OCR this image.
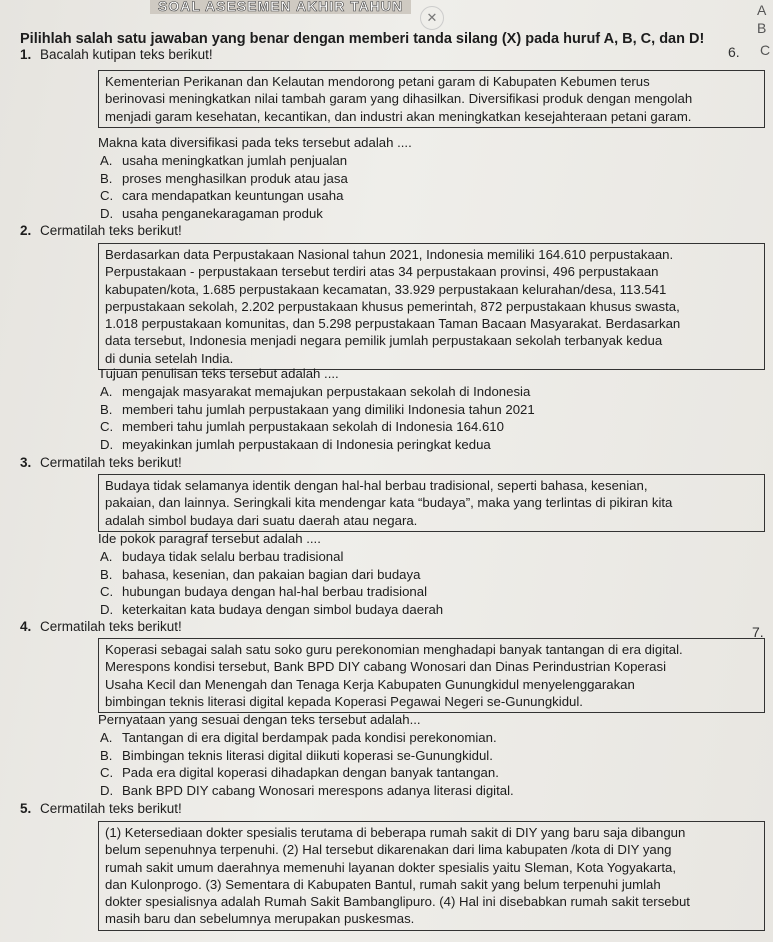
SOAL ASESEMEN AKHIR TAHUN
✕	A
B
C
6.
7.
Pilihlah salah satu jawaban yang benar dengan memberi tanda silang (X) pada huruf A, B, C, dan D!
1. Bacalah kutipan teks berikut!

Kementerian Perikanan dan Kelautan mendorong petani garam di Kabupaten Kebumen terus

berinovasi meningkatkan nilai tambah garam yang dihasilkan. Diversifikasi produk dengan mengolah

menjadi garam kesehatan, kecantikan, dan industri akan meningkatkan kesejahteraan petani garam.

Makna kata diversifikasi pada teks tersebut adalah ....
A. usaha meningkatkan jumlah penjualan
B. proses menghasilkan produk atau jasa
C. cara mendapatkan keuntungan usaha
D. usaha penganekaragaman produk
2. Cermatilah teks berikut!

Berdasarkan data Perpustakaan Nasional tahun 2021, Indonesia memiliki 164.610 perpustakaan.

Perpustakaan - perpustakaan tersebut terdiri atas 34 perpustakaan provinsi, 496 perpustakaan

kabupaten/kota, 1.685 perpustakaan kecamatan, 33.929 perpustakaan kelurahan/desa, 113.541

perpustakaan sekolah, 2.202 perpustakaan khusus pemerintah, 872 perpustakaan khusus swasta,

1.018 perpustakaan komunitas, dan 5.298 perpustakaan Taman Bacaan Masyarakat. Berdasarkan

data tersebut, Indonesia menjadi negara pemilik jumlah perpustakaan sekolah terbanyak kedua

di dunia setelah India.

Tujuan penulisan teks tersebut adalah ....
A. mengajak masyarakat memajukan perpustakaan sekolah di Indonesia
B. memberi tahu jumlah perpustakaan yang dimiliki Indonesia tahun 2021
C. memberi tahu jumlah perpustakaan sekolah di Indonesia 164.610
D. meyakinkan jumlah perpustakaan di Indonesia peringkat kedua
3. Cermatilah teks berikut!

Budaya tidak selamanya identik dengan hal-hal berbau tradisional, seperti bahasa, kesenian,

pakaian, dan lainnya. Seringkali kita mendengar kata “budaya”, maka yang terlintas di pikiran kita

adalah simbol budaya dari suatu daerah atau negara.

Ide pokok paragraf tersebut adalah ....
A. budaya tidak selalu berbau tradisional
B. bahasa, kesenian, dan pakaian bagian dari budaya
C. hubungan budaya dengan hal-hal berbau tradisional
D. keterkaitan kata budaya dengan simbol budaya daerah
4. Cermatilah teks berikut!

Koperasi sebagai salah satu soko guru perekonomian menghadapi banyak tantangan di era digital.

Merespons kondisi tersebut, Bank BPD DIY cabang Wonosari dan Dinas Perindustrian Koperasi

Usaha Kecil dan Menengah dan Tenaga Kerja Kabupaten Gunungkidul menyelenggarakan

bimbingan teknis literasi digital kepada Koperasi Pegawai Negeri se-Gunungkidul.

Pernyataan yang sesuai dengan teks tersebut adalah...
A. Tantangan di era digital berdampak pada kondisi perekonomian.
B. Bimbingan teknis literasi digital diikuti koperasi se-Gunungkidul.
C. Pada era digital koperasi dihadapkan dengan banyak tantangan.
D. Bank BPD DIY cabang Wonosari merespons adanya literasi digital.
5. Cermatilah teks berikut!

(1) Ketersediaan dokter spesialis terutama di beberapa rumah sakit di DIY yang baru saja dibangun

belum sepenuhnya terpenuhi. (2) Hal tersebut dikarenakan dari lima kabupaten /kota di DIY yang

rumah sakit umum daerahnya memenuhi layanan dokter spesialis yaitu Sleman, Kota Yogyakarta,

dan Kulonprogo. (3) Sementara di Kabupaten Bantul, rumah sakit yang belum terpenuhi jumlah

dokter spesialisnya adalah Rumah Sakit Bambanglipuro. (4) Hal ini disebabkan rumah sakit tersebut

masih baru dan sebelumnya merupakan puskesmas.
